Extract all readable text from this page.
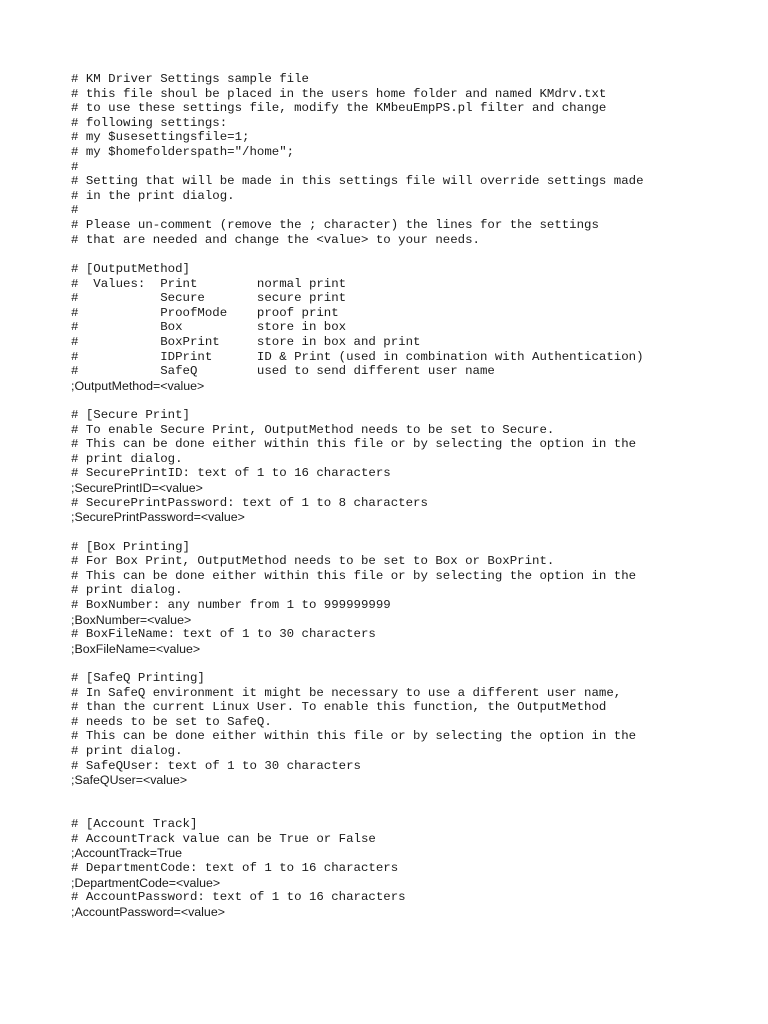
# KM Driver Settings sample file
# this file shoul be placed in the users home folder and named KMdrv.txt
# to use these settings file, modify the KMbeuEmpPS.pl filter and change
# following settings:
# my $usesettingsfile=1;
# my $homefolderspath="/home";
#
# Setting that will be made in this settings file will override settings made
# in the print dialog.
#
# Please un-comment (remove the ; character) the lines for the settings
# that are needed and change the <value> to your needs.
# [OutputMethod]
#  Values:  Print        normal print
#           Secure       secure print
#           ProofMode    proof print
#           Box          store in box
#           BoxPrint     store in box and print
#           IDPrint      ID & Print (used in combination with Authentication)
#           SafeQ        used to send different user name
;OutputMethod=<value>
# [Secure Print]
# To enable Secure Print, OutputMethod needs to be set to Secure.
# This can be done either within this file or by selecting the option in the
# print dialog.
# SecurePrintID: text of 1 to 16 characters
;SecurePrintID=<value>
# SecurePrintPassword: text of 1 to 8 characters
;SecurePrintPassword=<value>
# [Box Printing]
# For Box Print, OutputMethod needs to be set to Box or BoxPrint.
# This can be done either within this file or by selecting the option in the
# print dialog.
# BoxNumber: any number from 1 to 999999999
;BoxNumber=<value>
# BoxFileName: text of 1 to 30 characters
;BoxFileName=<value>
# [SafeQ Printing]
# In SafeQ environment it might be necessary to use a different user name,
# than the current Linux User. To enable this function, the OutputMethod
# needs to be set to SafeQ.
# This can be done either within this file or by selecting the option in the
# print dialog.
# SafeQUser: text of 1 to 30 characters
;SafeQUser=<value>
# [Account Track]
# AccountTrack value can be True or False
;AccountTrack=True
# DepartmentCode: text of 1 to 16 characters
;DepartmentCode=<value>
# AccountPassword: text of 1 to 16 characters
;AccountPassword=<value>
